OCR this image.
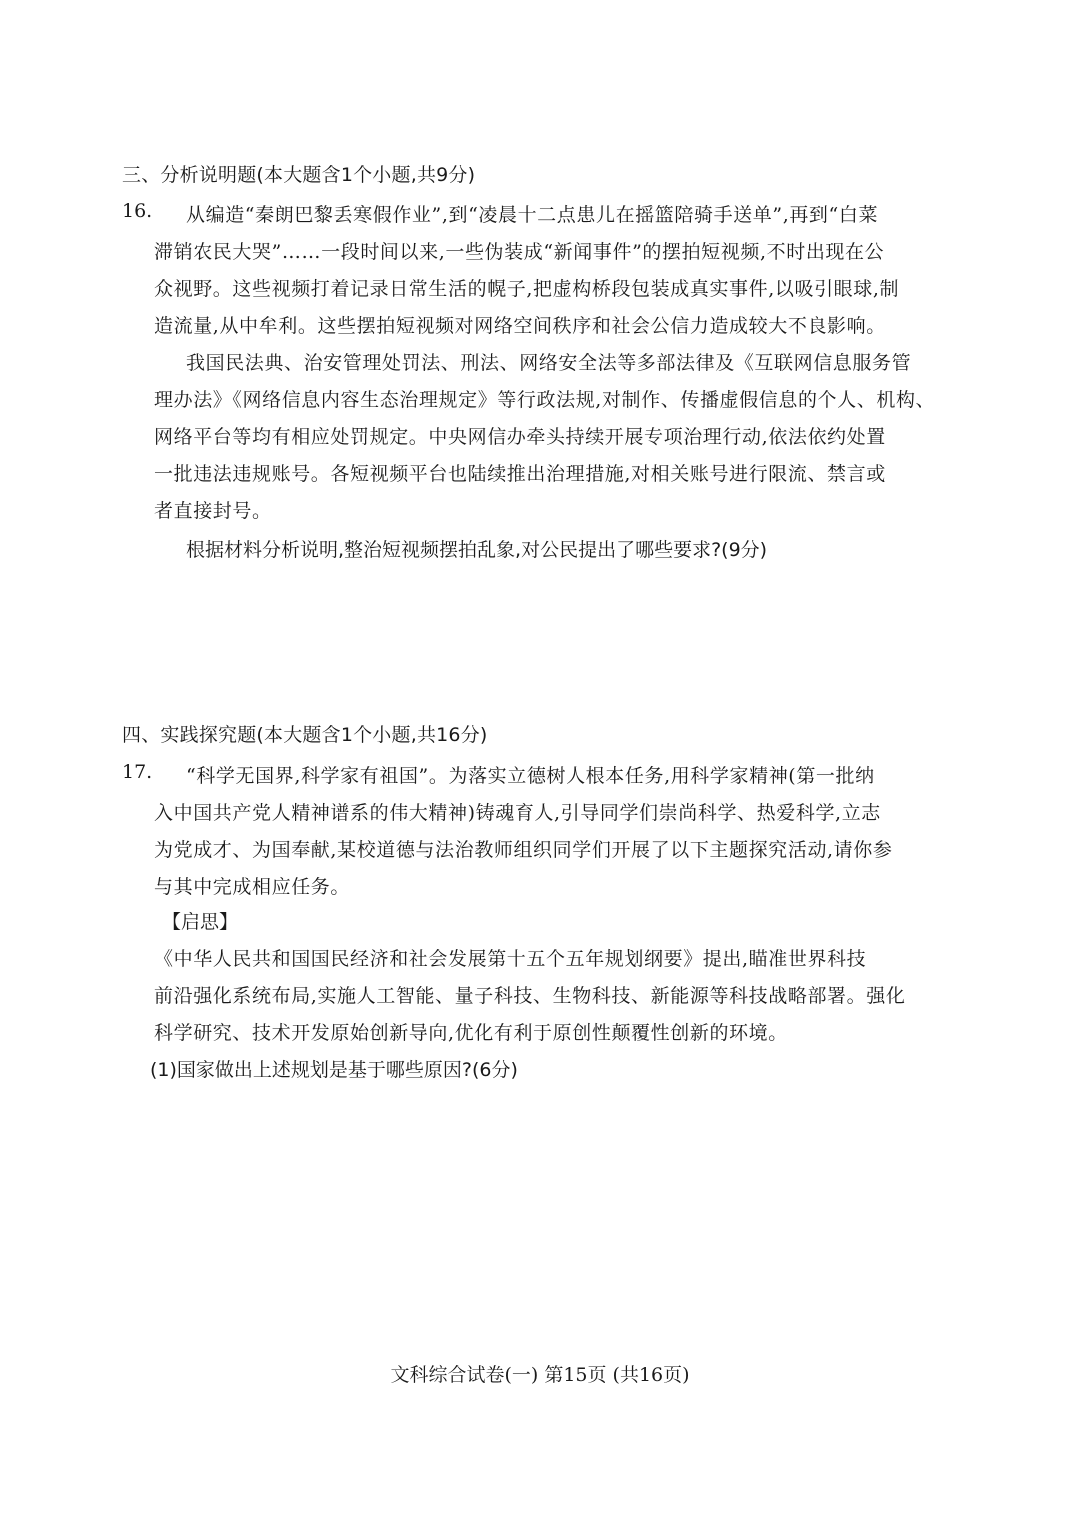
三、分析说明题(本大题含1个小题,共9分)
16. 从编造“秦朗巴黎丢寒假作业”,到“凌晨十二点患儿在摇篮陪骑手送单”,再到“白菜
滞销农民大哭”……一段时间以来,一些伪装成“新闻事件”的摆拍短视频,不时出现在公
众视野。这些视频打着记录日常生活的幌子,把虚构桥段包装成真实事件,以吸引眼球,制
造流量,从中牟利。这些摆拍短视频对网络空间秩序和社会公信力造成较大不良影响。
我国民法典、治安管理处罚法、刑法、网络安全法等多部法律及《互联网信息服务管
理办法》《网络信息内容生态治理规定》等行政法规,对制作、传播虚假信息的个人、机构、
网络平台等均有相应处罚规定。中央网信办牵头持续开展专项治理行动,依法依约处置
一批违法违规账号。各短视频平台也陆续推出治理措施,对相关账号进行限流、禁言或
者直接封号。
根据材料分析说明,整治短视频摆拍乱象,对公民提出了哪些要求?(9分)
四、实践探究题(本大题含1个小题,共16分)
17. “科学无国界,科学家有祖国”。为落实立德树人根本任务,用科学家精神(第一批纳
入中国共产党人精神谱系的伟大精神)铸魂育人,引导同学们崇尚科学、热爱科学,立志
为党成才、为国奉献,某校道德与法治教师组织同学们开展了以下主题探究活动,请你参
与其中完成相应任务。
【启思】
《中华人民共和国国民经济和社会发展第十五个五年规划纲要》提出,瞄准世界科技
前沿强化系统布局,实施人工智能、量子科技、生物科技、新能源等科技战略部署。强化
科学研究、技术开发原始创新导向,优化有利于原创性颠覆性创新的环境。
(1)国家做出上述规划是基于哪些原因?(6分)
文科综合试卷(一) 第15页 (共16页)
